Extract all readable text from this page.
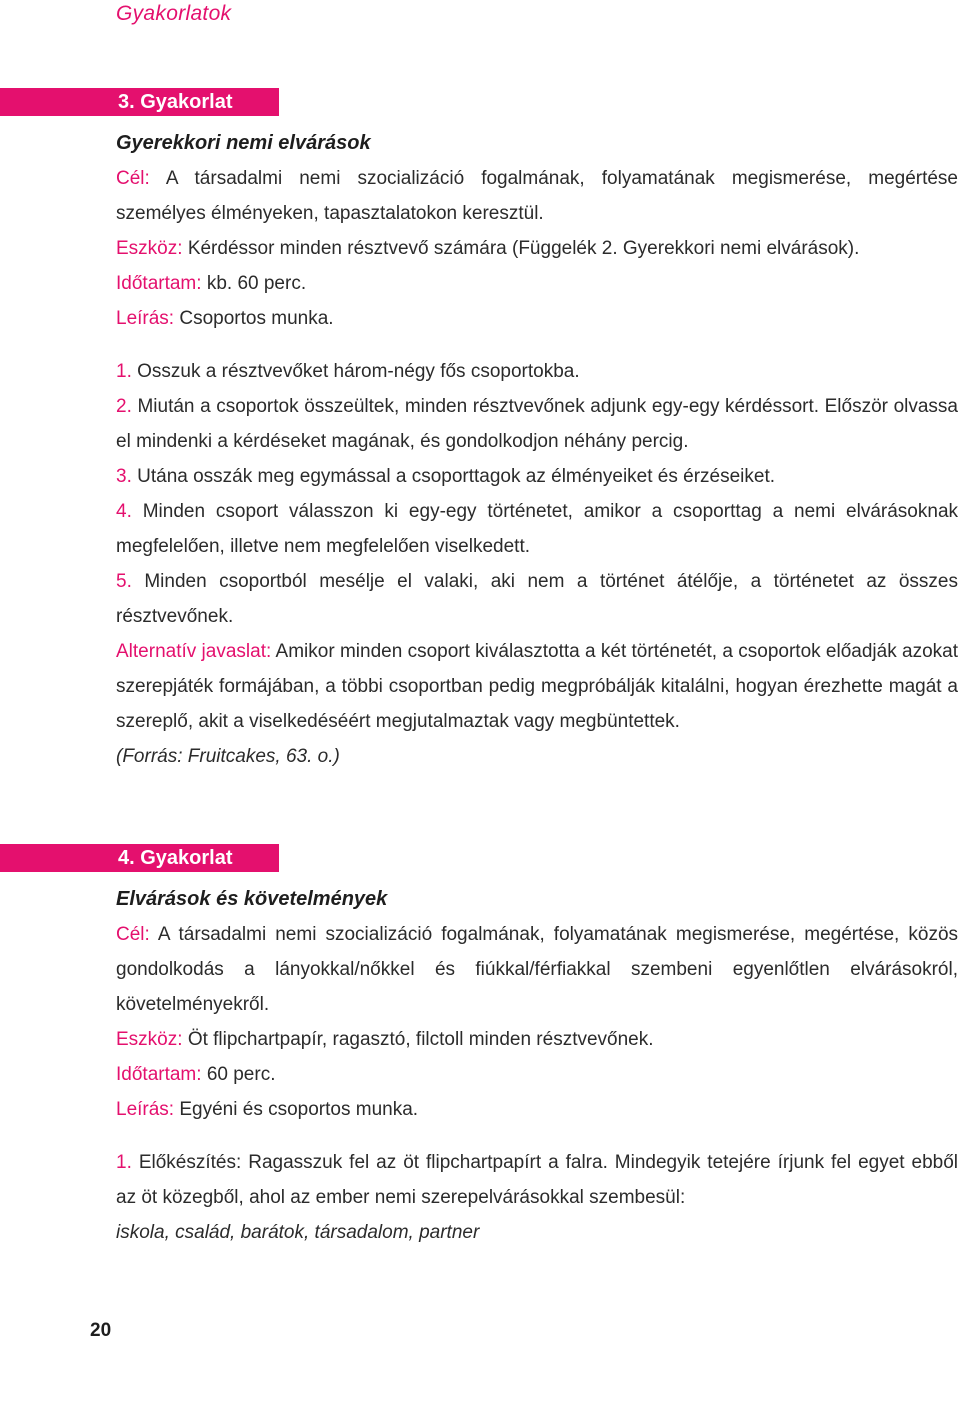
Gyakorlatok
3. Gyakorlat

Gyerekkori nemi elvárások

Cél: A társadalmi nemi szocializáció fogalmának, folyamatának megismerése, megértése személyes élményeken, tapasztalatokon keresztül.

Eszköz: Kérdéssor minden résztvevő számára (Függelék 2. Gyerekkori nemi elvárások).

Időtartam: kb. 60 perc.

Leírás: Csoportos munka.

1. Osszuk a résztvevőket három-négy fős csoportokba.

2. Miután a csoportok összeültek, minden résztvevőnek adjunk egy-egy kérdéssort. Először olvassa el mindenki a kérdéseket magának, és gondolkodjon néhány percig.

3. Utána osszák meg egymással a csoporttagok az élményeiket és érzéseiket.

4. Minden csoport válasszon ki egy-egy történetet, amikor a csoporttag a nemi elvárásoknak megfelelően, illetve nem megfelelően viselkedett.

5. Minden csoportból mesélje el valaki, aki nem a történet átélője, a történetet az összes résztvevőnek.

Alternatív javaslat: Amikor minden csoport kiválasztotta a két történetét, a csoportok előadják azokat szerepjáték formájában, a többi csoportban pedig megpróbálják kitalálni, hogyan érezhette magát a szereplő, akit a viselkedéséért megjutalmaztak vagy megbüntettek.

(Forrás: Fruitcakes, 63. o.)

4. Gyakorlat

Elvárások és követelmények

Cél: A társadalmi nemi szocializáció fogalmának, folyamatának megismerése, megértése, közös gondolkodás a lányokkal/nőkkel és fiúkkal/férfiakkal szembeni egyenlőtlen elvárásokról, követelményekről.

Eszköz: Öt flipchartpapír, ragasztó, filctoll minden résztvevőnek.

Időtartam: 60 perc.

Leírás: Egyéni és csoportos munka.

1. Előkészítés: Ragasszuk fel az öt flipchartpapírt a falra. Mindegyik tetejére írjunk fel egyet ebből az öt közegből, ahol az ember nemi szerepelvárásokkal szembesül:

iskola, család, barátok, társadalom, partner

20
